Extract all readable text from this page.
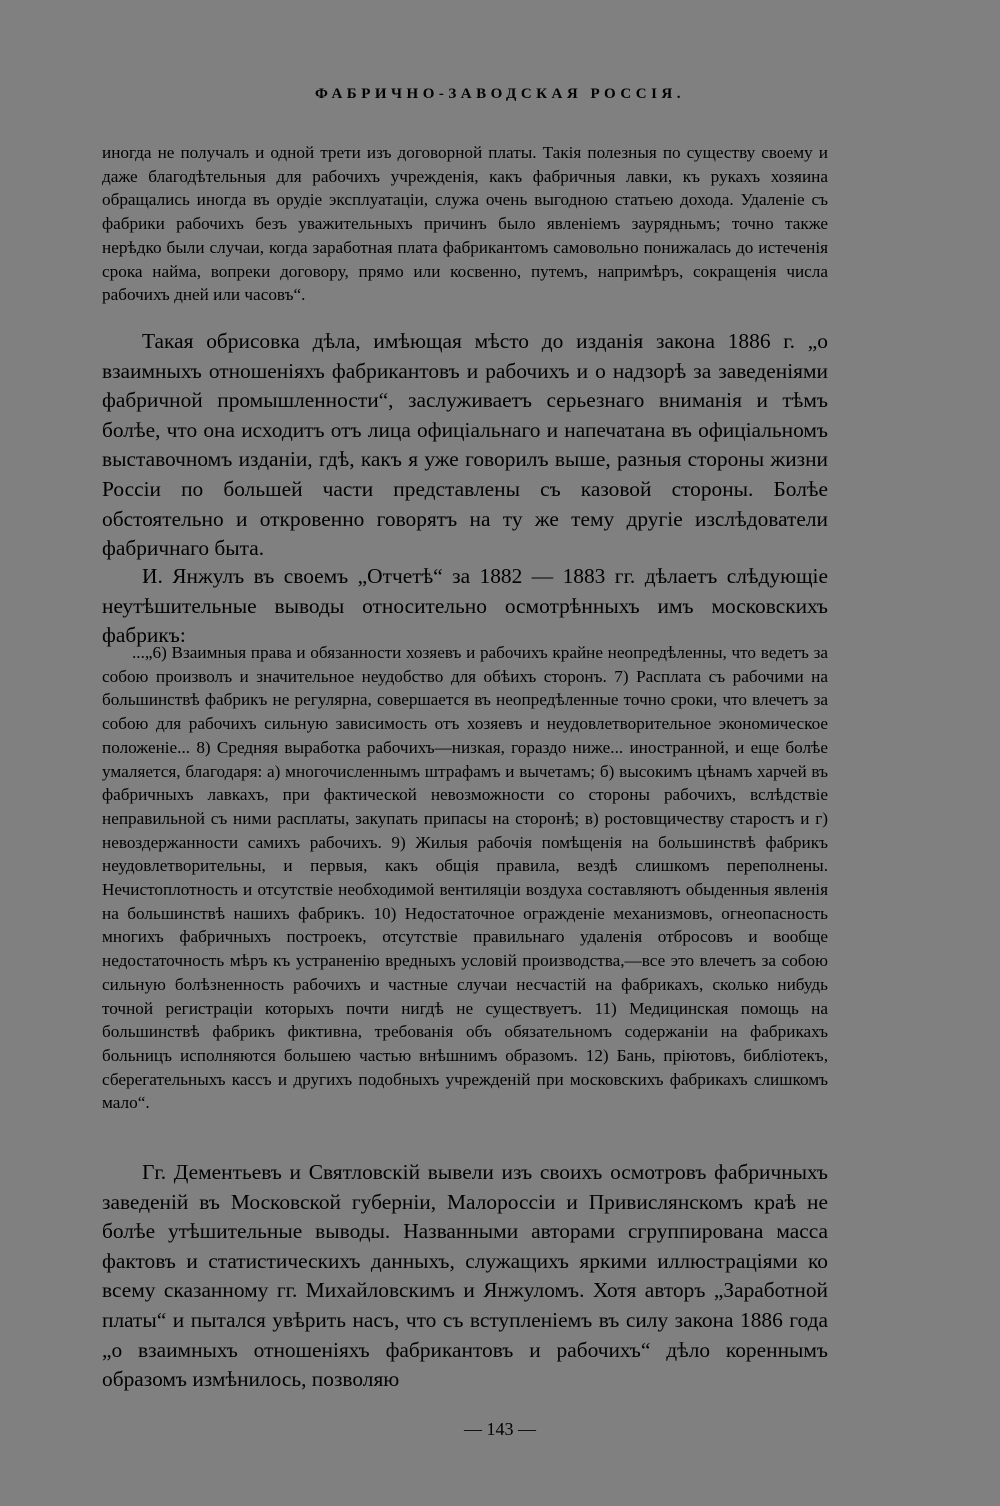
ФАБРИЧНО-ЗАВОДСКАЯ РОССIЯ.

иногда не получалъ и одной трети изъ договорной платы. Такiя полезныя по существу своему и даже благодѣтельныя для рабочихъ учрежденiя, какъ фабричныя лавки, къ рукахъ хозяина обращались иногда въ орудiе эксплуатацiи, служа очень выгодною статьею дохода. Удаленiе съ фабрики рабочихъ безъ уважительныхъ причинъ было явленiемъ заурядньмъ; точно также нерѣдко были случаи, когда заработная плата фабрикантомъ самовольно понижалась до истеченiя срока найма, вопреки договору, прямо или косвенно, путемъ, напримѣръ, сокращенiя числа рабочихъ дней или часовъ“.

Такая обрисовка дѣла, имѣющая мѣсто до изданiя закона 1886 г. „о взаимныхъ отношенiяхъ фабрикантовъ и рабочихъ и о надзорѣ за заведенiями фабричной промышленности“, заслуживаетъ серьезнаго вниманiя и тѣмъ болѣе, что она исходитъ отъ лица офицiальнаго и напечатана въ офицiальномъ выставочномъ изданiи, гдѣ, какъ я уже говорилъ выше, разныя стороны жизни Россiи по большей части представлены съ казовой стороны. Болѣе обстоятельно и откровенно говорятъ на ту же тему другiе изслѣдователи фабричнаго быта.

И. Янжулъ въ своемъ „Отчетѣ“ за 1882 — 1883 гг. дѣлаетъ слѣдующiе неутѣшительные выводы относительно осмотрѣнныхъ имъ московскихъ фабрикъ:

...„6) Взаимныя права и обязанности хозяевъ и рабочихъ крайне неопредѣленны, что ведетъ за собою произволъ и значительное неудобство для обѣихъ сторонъ. 7) Расплата съ рабочими на большинствѣ фабрикъ не регулярна, совершается въ неопредѣленные точно сроки, что влечетъ за собою для рабочихъ сильную зависимость отъ хозяевъ и неудовлетворительное экономическое положенiе... 8) Средняя выработка рабочихъ—низкая, гораздо ниже... иностранной, и еще болѣе умаляется, благодаря: а) многочисленнымъ штрафамъ и вычетамъ; б) высокимъ цѣнамъ харчей въ фабричныхъ лавкахъ, при фактической невозможности со стороны рабочихъ, вслѣдствiе неправильной съ ними расплаты, закупать припасы на сторонѣ; в) ростовщичеству старостъ и г) невоздержанности самихъ рабочихъ. 9) Жилыя рабочiя помѣщенiя на большинствѣ фабрикъ неудовлетворительны, и первыя, какъ общiя правила, вездѣ слишкомъ переполнены. Нечистоплотность и отсутствiе необходимой вентиляцiи воздуха составляютъ обыденныя явленiя на большинствѣ нашихъ фабрикъ. 10) Недостаточное огражденiе механизмовъ, огнеопасность многихъ фабричныхъ построекъ, отсутствiе правильнаго удаленiя отбросовъ и вообще недостаточность мѣръ къ устраненiю вредныхъ условiй производства,—все это влечетъ за собою сильную болѣзненность рабочихъ и частные случаи несчастiй на фабрикахъ, сколько нибудь точной регистрацiи которыхъ почти нигдѣ не существуетъ. 11) Медицинская помощь на большинствѣ фабрикъ фиктивна, требованiя объ обязательномъ содержанiи на фабрикахъ больницъ исполняются большею частью внѣшнимъ образомъ. 12) Бань, прiютовъ, библiотекъ, сберегательныхъ кассъ и другихъ подобныхъ учрежденiй при московскихъ фабрикахъ слишкомъ мало“.

Гг. Дементьевъ и Святловскiй вывели изъ своихъ осмотровъ фабричныхъ заведенiй въ Московской губернiи, Малороссiи и Привислянскомъ краѣ не болѣе утѣшительные выводы. Названными авторами сгруппирована масса фактовъ и статистическихъ данныхъ, служащихъ яркими иллюстрацiями ко всему сказанному гг. Михайловскимъ и Янжуломъ. Хотя авторъ „Заработной платы“ и пытался увѣрить насъ, что съ вступленiемъ въ силу закона 1886 года „о взаимныхъ отношенiяхъ фабрикантовъ и рабочихъ“ дѣло кореннымъ образомъ измѣнилось, позволяю

— 143 —
